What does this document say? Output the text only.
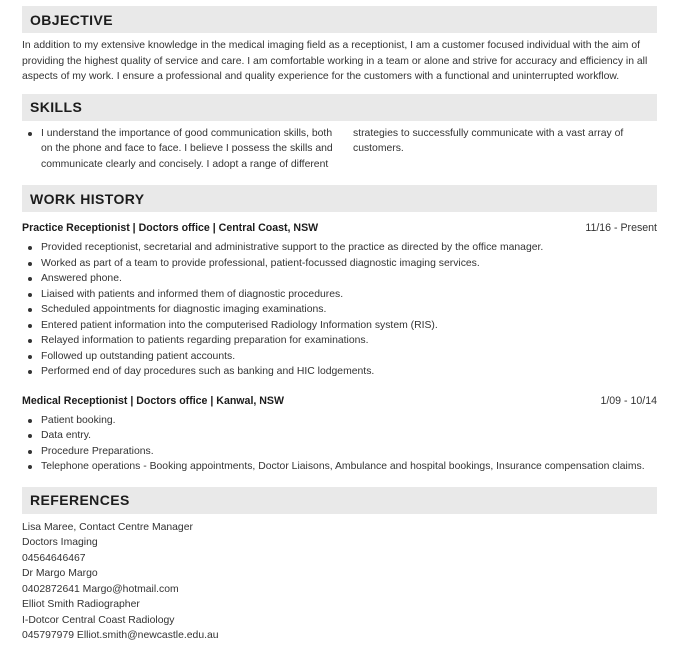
OBJECTIVE

In addition to my extensive knowledge in the medical imaging field as a receptionist, I am a customer focused individual with the aim of providing the highest quality of service and care. I am comfortable working in a team or alone and strive for accuracy and efficiency in all aspects of my work. I ensure a professional and quality experience for the customers with a functional and uninterrupted workflow.

SKILLS
I understand the importance of good communication skills, both on the phone and face to face. I believe I possess the skills and communicate clearly and concisely. I adopt a range of different
strategies to successfully communicate with a vast array of customers.
WORK HISTORY
Practice Receptionist | Doctors office | Central Coast, NSW	11/16 - Present
Provided receptionist, secretarial and administrative support to the practice as directed by the office manager.
Worked as part of a team to provide professional, patient-focussed diagnostic imaging services.
Answered phone.
Liaised with patients and informed them of diagnostic procedures.
Scheduled appointments for diagnostic imaging examinations.
Entered patient information into the computerised Radiology Information system (RIS).
Relayed information to patients regarding preparation for examinations.
Followed up outstanding patient accounts.
Performed end of day procedures such as banking and HIC lodgements.
Medical Receptionist | Doctors office | Kanwal, NSW	1/09 - 10/14
Patient booking.
Data entry.
Procedure Preparations.
Telephone operations - Booking appointments, Doctor Liaisons, Ambulance and hospital bookings, Insurance compensation claims.
REFERENCES
Lisa Maree, Contact Centre Manager
Doctors Imaging
04564646467
Dr Margo Margo
0402872641 Margo@hotmail.com
Elliot Smith Radiographer
I-Dotcor Central Coast Radiology
045797979 Elliot.smith@newcastle.edu.au
